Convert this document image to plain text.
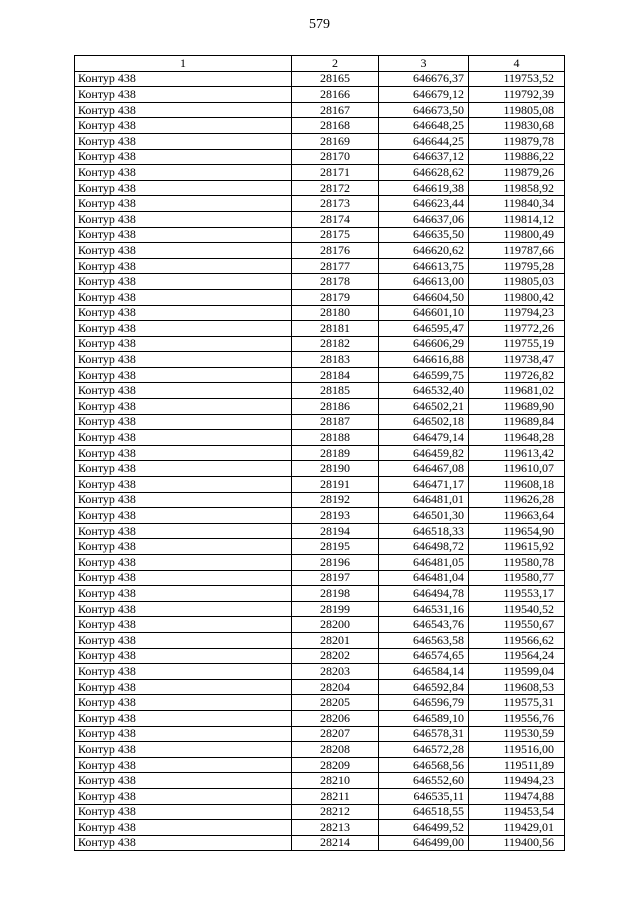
579
1	2	3	4
Контур 438	28165	646676,37	119753,52
Контур 438	28166	646679,12	119792,39
Контур 438	28167	646673,50	119805,08
Контур 438	28168	646648,25	119830,68
Контур 438	28169	646644,25	119879,78
Контур 438	28170	646637,12	119886,22
Контур 438	28171	646628,62	119879,26
Контур 438	28172	646619,38	119858,92
Контур 438	28173	646623,44	119840,34
Контур 438	28174	646637,06	119814,12
Контур 438	28175	646635,50	119800,49
Контур 438	28176	646620,62	119787,66
Контур 438	28177	646613,75	119795,28
Контур 438	28178	646613,00	119805,03
Контур 438	28179	646604,50	119800,42
Контур 438	28180	646601,10	119794,23
Контур 438	28181	646595,47	119772,26
Контур 438	28182	646606,29	119755,19
Контур 438	28183	646616,88	119738,47
Контур 438	28184	646599,75	119726,82
Контур 438	28185	646532,40	119681,02
Контур 438	28186	646502,21	119689,90
Контур 438	28187	646502,18	119689,84
Контур 438	28188	646479,14	119648,28
Контур 438	28189	646459,82	119613,42
Контур 438	28190	646467,08	119610,07
Контур 438	28191	646471,17	119608,18
Контур 438	28192	646481,01	119626,28
Контур 438	28193	646501,30	119663,64
Контур 438	28194	646518,33	119654,90
Контур 438	28195	646498,72	119615,92
Контур 438	28196	646481,05	119580,78
Контур 438	28197	646481,04	119580,77
Контур 438	28198	646494,78	119553,17
Контур 438	28199	646531,16	119540,52
Контур 438	28200	646543,76	119550,67
Контур 438	28201	646563,58	119566,62
Контур 438	28202	646574,65	119564,24
Контур 438	28203	646584,14	119599,04
Контур 438	28204	646592,84	119608,53
Контур 438	28205	646596,79	119575,31
Контур 438	28206	646589,10	119556,76
Контур 438	28207	646578,31	119530,59
Контур 438	28208	646572,28	119516,00
Контур 438	28209	646568,56	119511,89
Контур 438	28210	646552,60	119494,23
Контур 438	28211	646535,11	119474,88
Контур 438	28212	646518,55	119453,54
Контур 438	28213	646499,52	119429,01
Контур 438	28214	646499,00	119400,56
